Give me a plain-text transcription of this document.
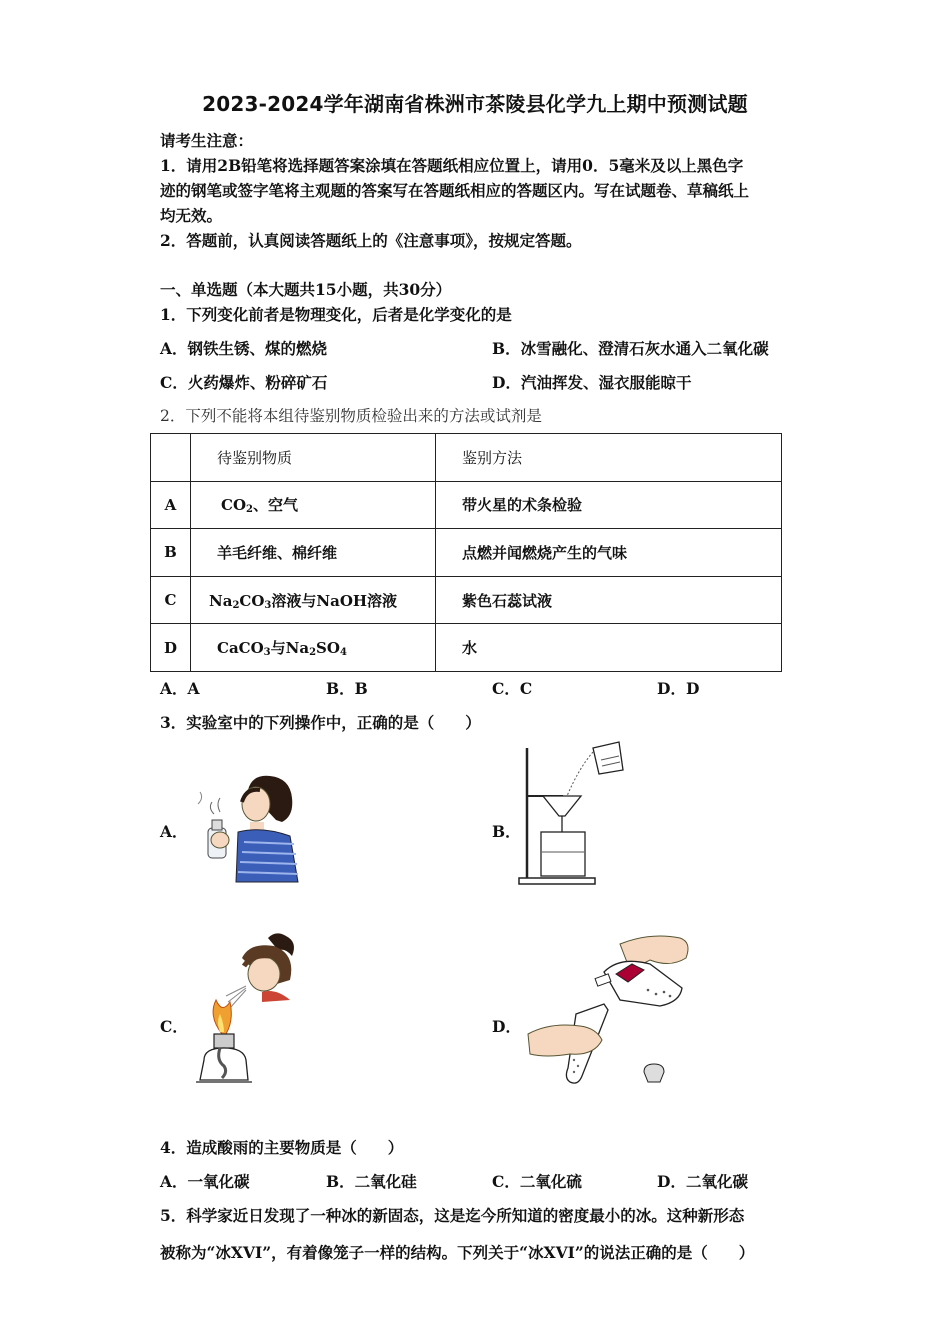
2023-2024学年湖南省株洲市茶陵县化学九上期中预测试题
请考生注意：
1．请用2B铅笔将选择题答案涂填在答题纸相应位置上，请用0．5毫米及以上黑色字
迹的钢笔或签字笔将主观题的答案写在答题纸相应的答题区内。写在试题卷、草稿纸上
均无效。
2．答题前，认真阅读答题纸上的《注意事项》，按规定答题。
一、单选题（本大题共15小题，共30分）
1．下列变化前者是物理变化，后者是化学变化的是
A．钢铁生锈、煤的燃烧	B．冰雪融化、澄清石灰水通入二氧化碳
C．火药爆炸、粉碎矿石	D．汽油挥发、湿衣服能晾干
2．下列不能将本组待鉴别物质检验出来的方法或试剂是
	待鉴别物质	鉴别方法
A	$CO_2$、空气	带火星的术条检验
B	羊毛纤维、棉纤维	点燃并闻燃烧产生的气味
C	$Na_2CO_3$溶液与NaOH溶液	紫色石蕊试液
D	CaCO$_3$与$Na_2SO_4$	水
A．A	B．B	C．C	D．D
3．实验室中的下列操作中，正确的是（　　）
A．	B．
C．	D．
4．造成酸雨的主要物质是（　　）
A．一氧化碳	B．二氧化硅	C．二氧化硫	D．二氧化碳
5．科学家近日发现了一种冰的新固态，这是迄今所知道的密度最小的冰。这种新形态
被称为“冰XVI”，有着像笼子一样的结构。下列关于“冰XVI”的说法正确的是（　　）
